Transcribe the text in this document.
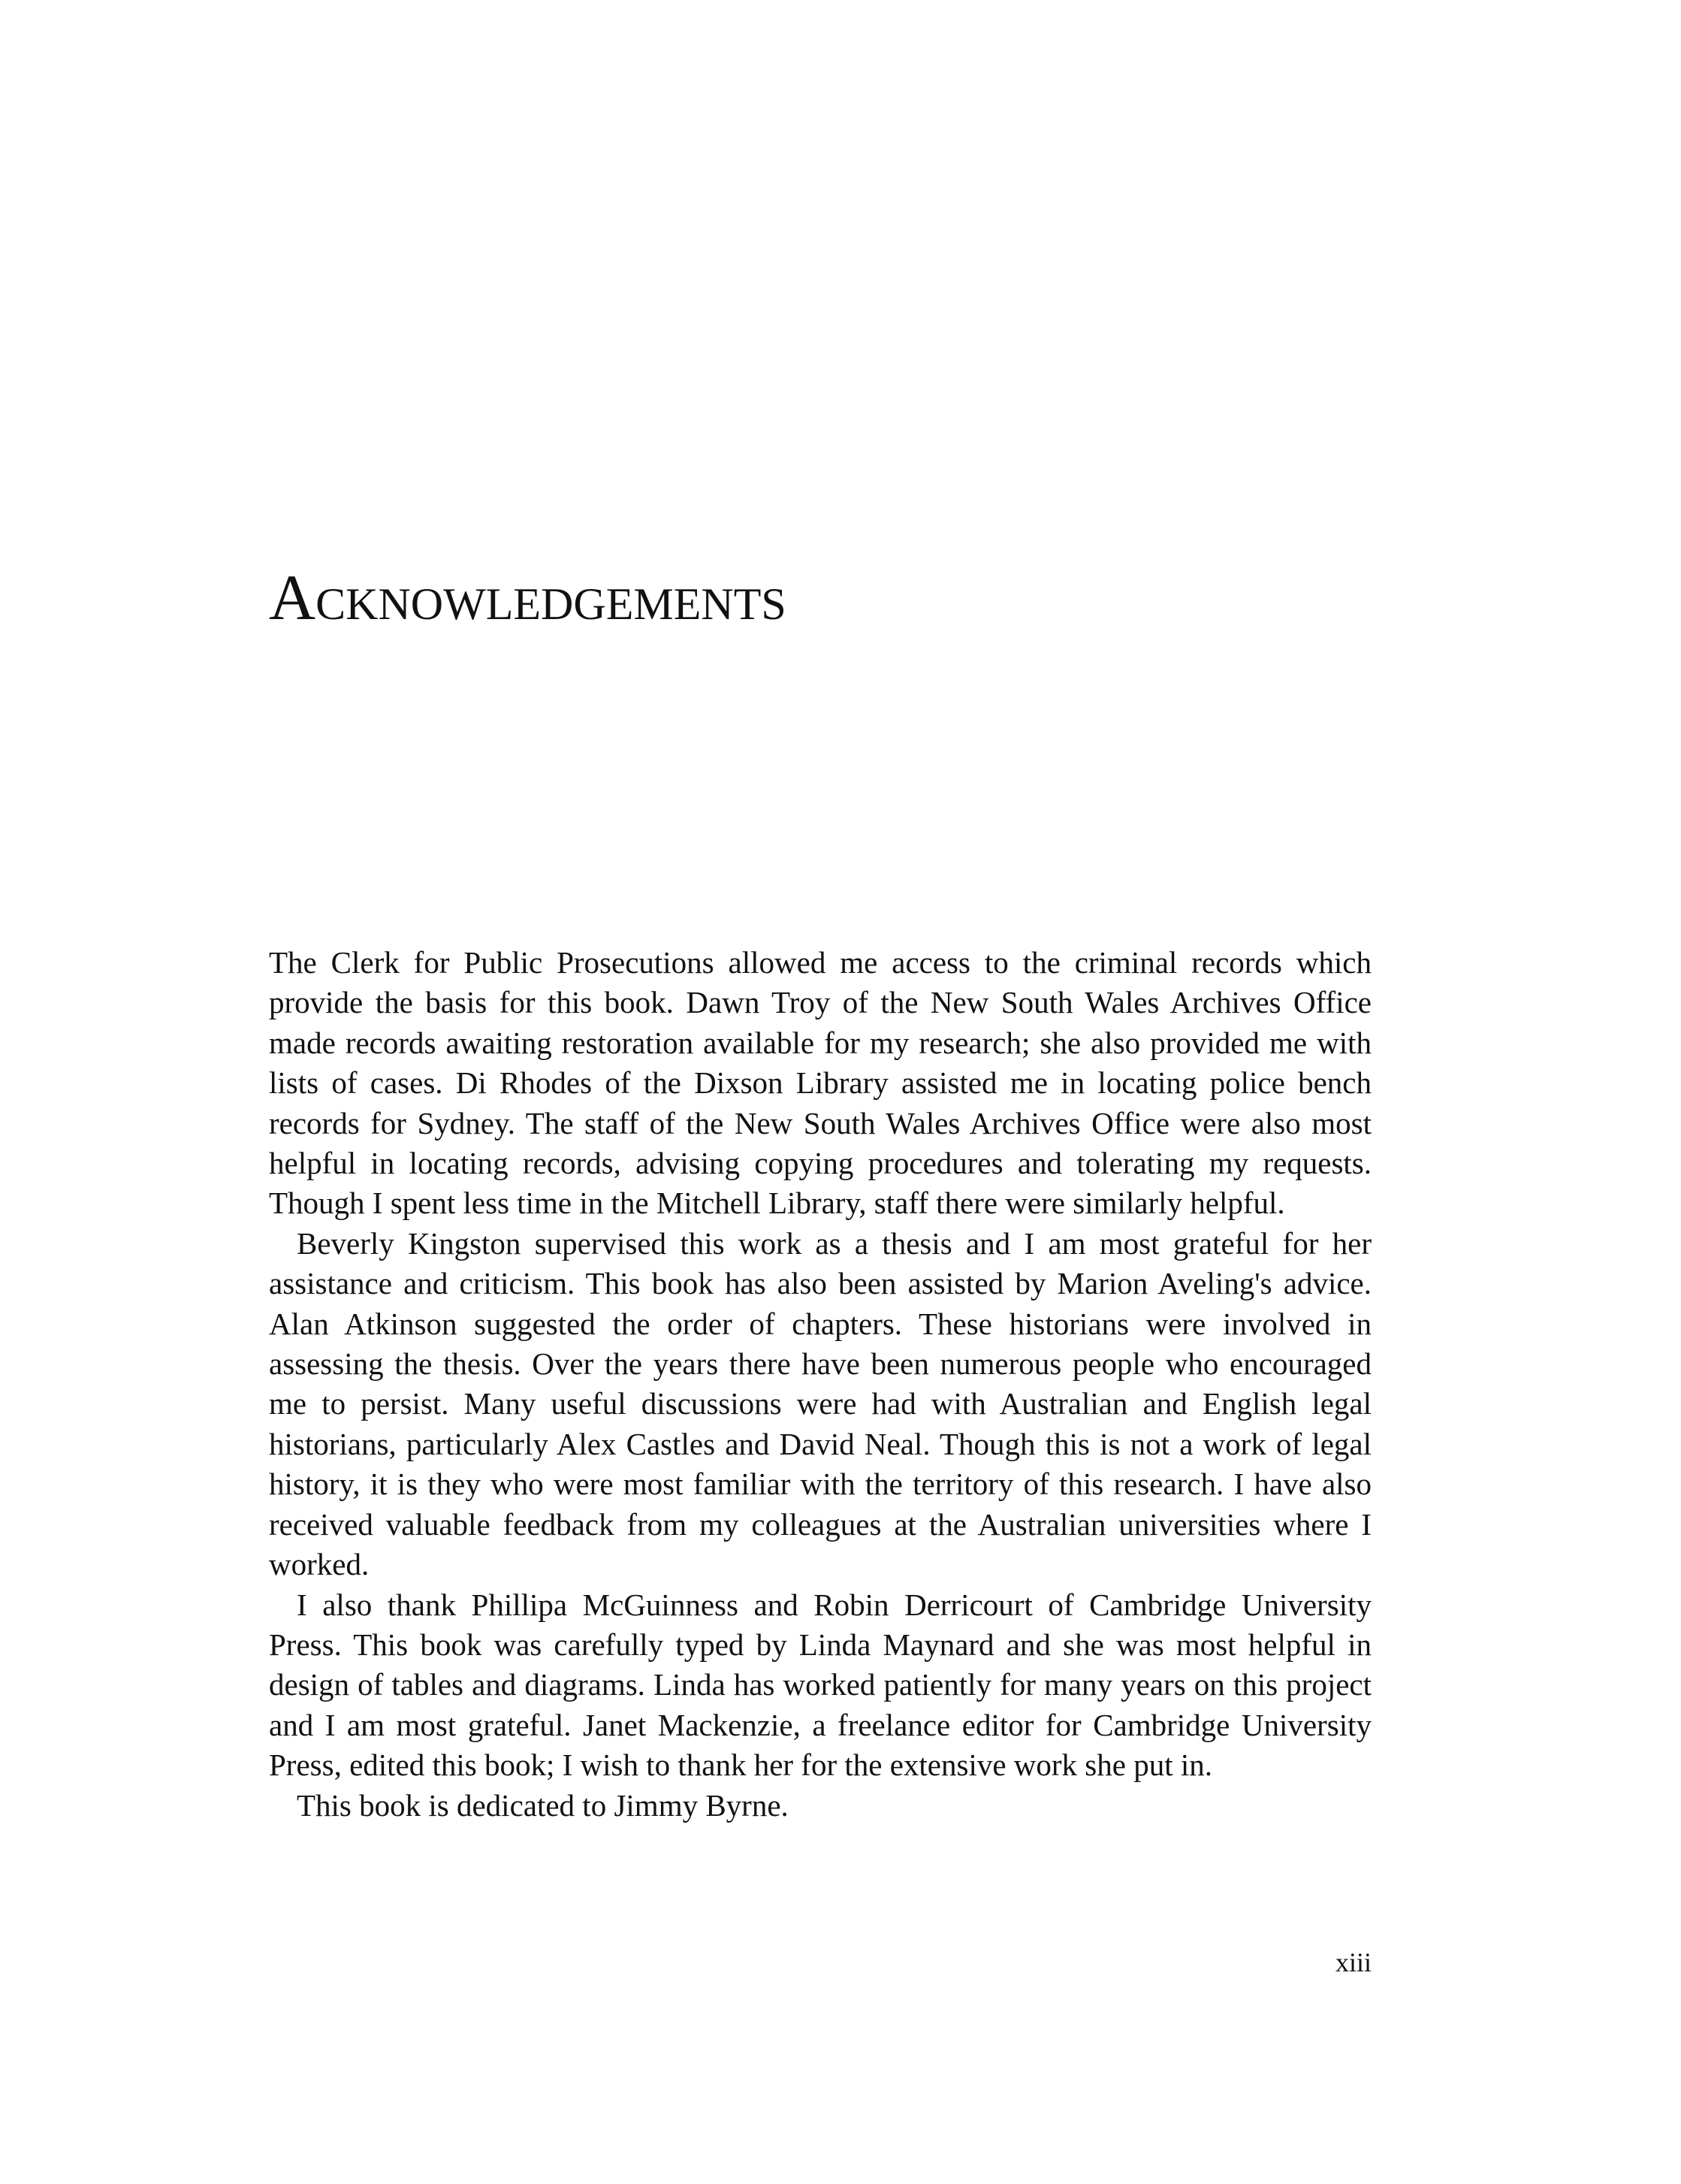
Acknowledgements

The Clerk for Public Prosecutions allowed me access to the criminal records which provide the basis for this book. Dawn Troy of the New South Wales Archives Office made records awaiting restoration available for my research; she also provided me with lists of cases. Di Rhodes of the Dixson Library assisted me in locating police bench records for Sydney. The staff of the New South Wales Archives Office were also most helpful in locating records, advising copying procedures and tolerating my requests. Though I spent less time in the Mitchell Library, staff there were similarly helpful.

Beverly Kingston supervised this work as a thesis and I am most grateful for her assistance and criticism. This book has also been assisted by Marion Aveling's advice. Alan Atkinson suggested the order of chapters. These historians were involved in assessing the thesis. Over the years there have been numerous people who encouraged me to persist. Many useful discussions were had with Australian and English legal historians, particularly Alex Castles and David Neal. Though this is not a work of legal history, it is they who were most familiar with the territory of this research. I have also received valuable feedback from my colleagues at the Australian universities where I worked.

I also thank Phillipa McGuinness and Robin Derricourt of Cambridge University Press. This book was carefully typed by Linda Maynard and she was most helpful in design of tables and diagrams. Linda has worked patiently for many years on this project and I am most grateful. Janet Mackenzie, a freelance editor for Cambridge University Press, edited this book; I wish to thank her for the extensive work she put in.

This book is dedicated to Jimmy Byrne.

xiii
